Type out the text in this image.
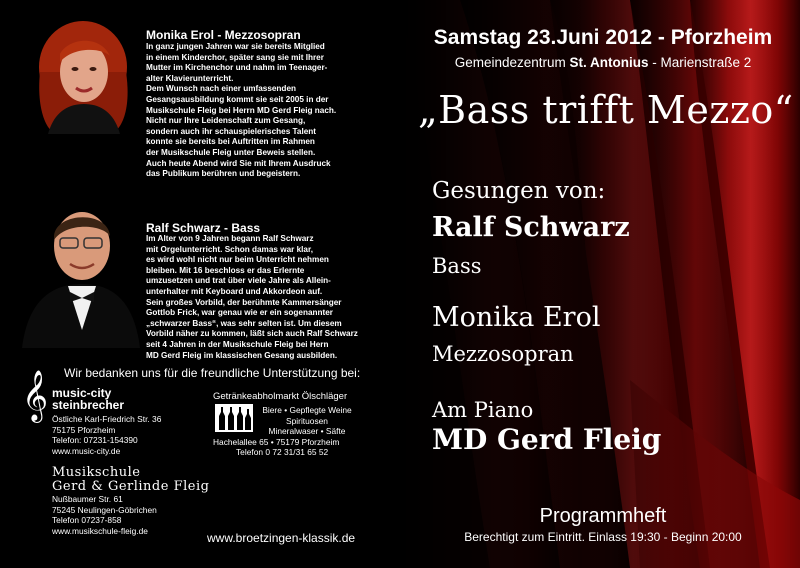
Monika Erol - Mezzosopran
In ganz jungen Jahren war sie bereits Mitglied
in einem Kinderchor, später sang sie mit Ihrer
Mutter im Kirchenchor und nahm im Teenager-
alter Klavierunterricht.
Dem Wunsch nach einer umfassenden
Gesangsausbildung kommt sie seit 2005 in der
Musikschule Fleig bei Herrn MD Gerd Fleig nach.
Nicht nur Ihre Leidenschaft zum Gesang,
sondern auch ihr schauspielerisches Talent
konnte sie bereits bei Auftritten im Rahmen
der Musikschule Fleig unter Beweis stellen.
Auch heute Abend wird Sie mit Ihrem Ausdruck
das Publikum berühren und begeistern.
Ralf Schwarz - Bass
Im Alter von 9 Jahren begann Ralf Schwarz
mit Orgelunterricht. Schon damas war klar,
es wird wohl nicht nur beim Unterricht nehmen
bleiben. Mit 16 beschloss er das Erlernte
umzusetzen und trat über viele Jahre als Allein-
unterhalter mit Keyboard und Akkordeon auf.
Sein großes Vorbild, der berühmte Kammersänger
Gottlob Frick, war genau wie er ein sogenannter
„schwarzer Bass“, was sehr selten ist. Um diesem
Vorbild näher zu kommen, läßt sich auch Ralf Schwarz
seit 4 Jahren in der Musikschule Fleig bei Hern
MD Gerd Fleig im klassischen Gesang ausbilden.
Wir bedanken uns für die freundliche Unterstützung bei:
𝄞 music-city
steinbrecher
Östliche Karl-Friedrich Str. 36
75175 Pforzheim
Telefon: 07231-154390
www.music-city.de
Getränkeabholmarkt Ölschläger
Biere • Gepflegte Weine
Spirituosen
Mineralwaser • Säfte
Hachelallee 65 • 75179 Pforzheim
Telefon 0 72 31/31 65 52
Musikschule
Gerd & Gerlinde Fleig
Nußbaumer Str. 61
75245 Neulingen-Göbrichen
Telefon 07237-858
www.musikschule-fleig.de
www.broetzingen-klassik.de
Samstag 23.Juni 2012 - Pforzheim
Gemeindezentrum St. Antonius - Marienstraße 2
„Bass trifft Mezzo“
Gesungen von:
Ralf Schwarz
Bass
Monika Erol
Mezzosopran
Am Piano
MD Gerd Fleig
Programmheft
Berechtigt zum Eintritt. Einlass 19:30 - Beginn 20:00
